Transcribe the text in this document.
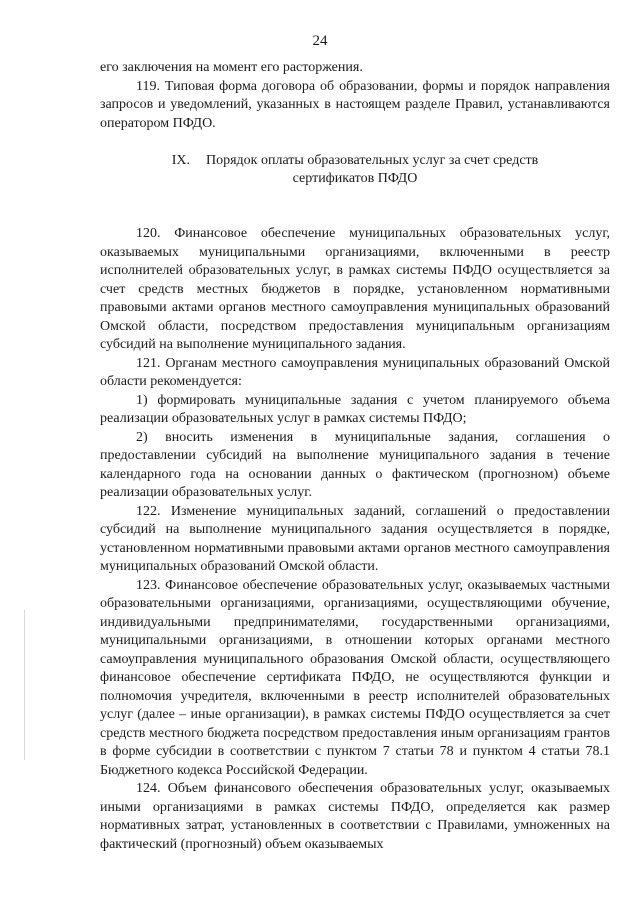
24

его заключения на момент его расторжения.

119. Типовая форма договора об образовании, формы и порядок направления запросов и уведомлений, указанных в настоящем разделе Правил, устанавливаются оператором ПФДО.

IX. Порядок оплаты образовательных услуг за счет средств
сертификатов ПФДО

120. Финансовое обеспечение муниципальных образовательных услуг, оказываемых муниципальными организациями, включенными в реестр исполнителей образовательных услуг, в рамках системы ПФДО осуществляется за счет средств местных бюджетов в порядке, установленном нормативными правовыми актами органов местного самоуправления муниципальных образований Омской области, посредством предоставления муниципальным организациям субсидий на выполнение муниципального задания.

121. Органам местного самоуправления муниципальных образований Омской области рекомендуется:

1) формировать муниципальные задания с учетом планируемого объема реализации образовательных услуг в рамках системы ПФДО;

2) вносить изменения в муниципальные задания, соглашения о предоставлении субсидий на выполнение муниципального задания в течение календарного года на основании данных о фактическом (прогнозном) объеме реализации образовательных услуг.

122. Изменение муниципальных заданий, соглашений о предоставлении субсидий на выполнение муниципального задания осуществляется в порядке, установленном нормативными правовыми актами органов местного самоуправления муниципальных образований Омской области.

123. Финансовое обеспечение образовательных услуг, оказываемых частными образовательными организациями, организациями, осуществляющими обучение, индивидуальными предпринимателями, государственными организациями, муниципальными организациями, в отношении которых органами местного самоуправления муниципального образования Омской области, осуществляющего финансовое обеспечение сертификата ПФДО, не осуществляются функции и полномочия учредителя, включенными в реестр исполнителей образовательных услуг (далее – иные организации), в рамках системы ПФДО осуществляется за счет средств местного бюджета посредством предоставления иным организациям грантов в форме субсидии в соответствии с пунктом 7 статьи 78 и пунктом 4 статьи 78.1 Бюджетного кодекса Российской Федерации.

124. Объем финансового обеспечения образовательных услуг, оказываемых иными организациями в рамках системы ПФДО, определяется как размер нормативных затрат, установленных в соответствии с Правилами, умноженных на фактический (прогнозный) объем оказываемых
